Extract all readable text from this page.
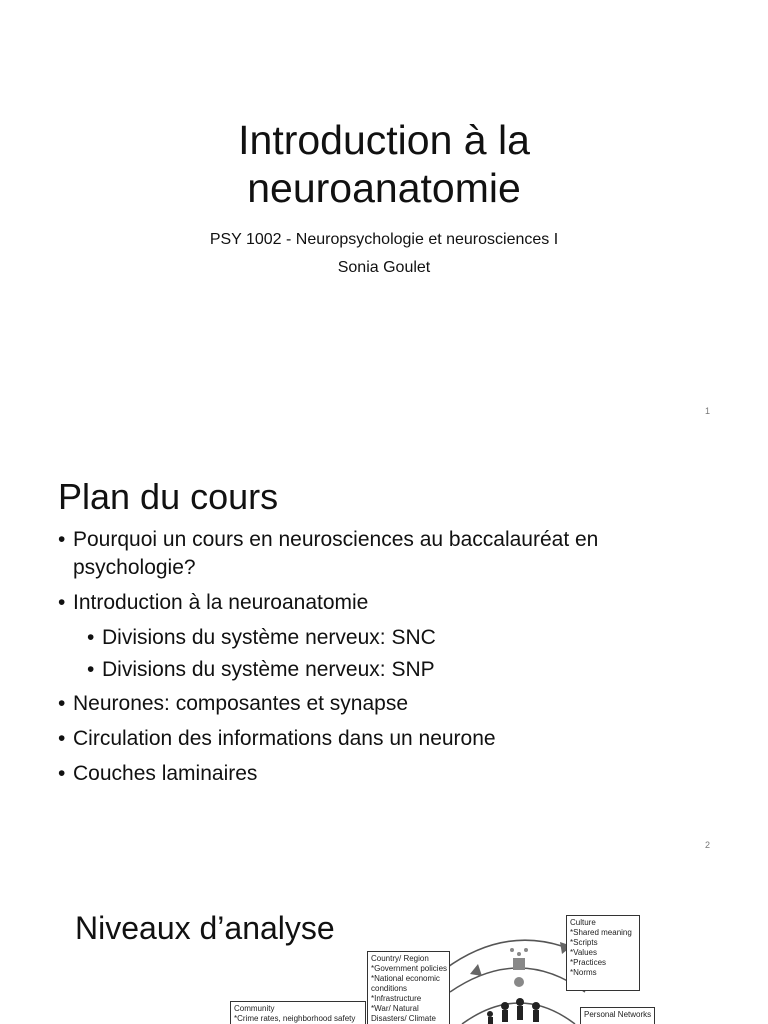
Introduction à la
neuroanatomie
PSY 1002 - Neuropsychologie et neurosciences I
Sonia Goulet
1
Plan du cours
• Pourquoi un cours en neurosciences au baccalauréat en psychologie?
• Introduction à la neuroanatomie
• Divisions du système nerveux: SNC
• Divisions du système nerveux: SNP
• Neurones: composantes et synapse
• Circulation des informations dans un neurone
• Couches laminaires
2
Niveaux d’analyse	Culture
*Shared meaning
*Scripts
*Values
*Practices
*Norms
Country/ Region
*Government policies
*National economic
conditions
*Infrastructure
*War/ Natural
Disasters/ Climate
Community
*Crime rates, neighborhood safety	Personal Networks
